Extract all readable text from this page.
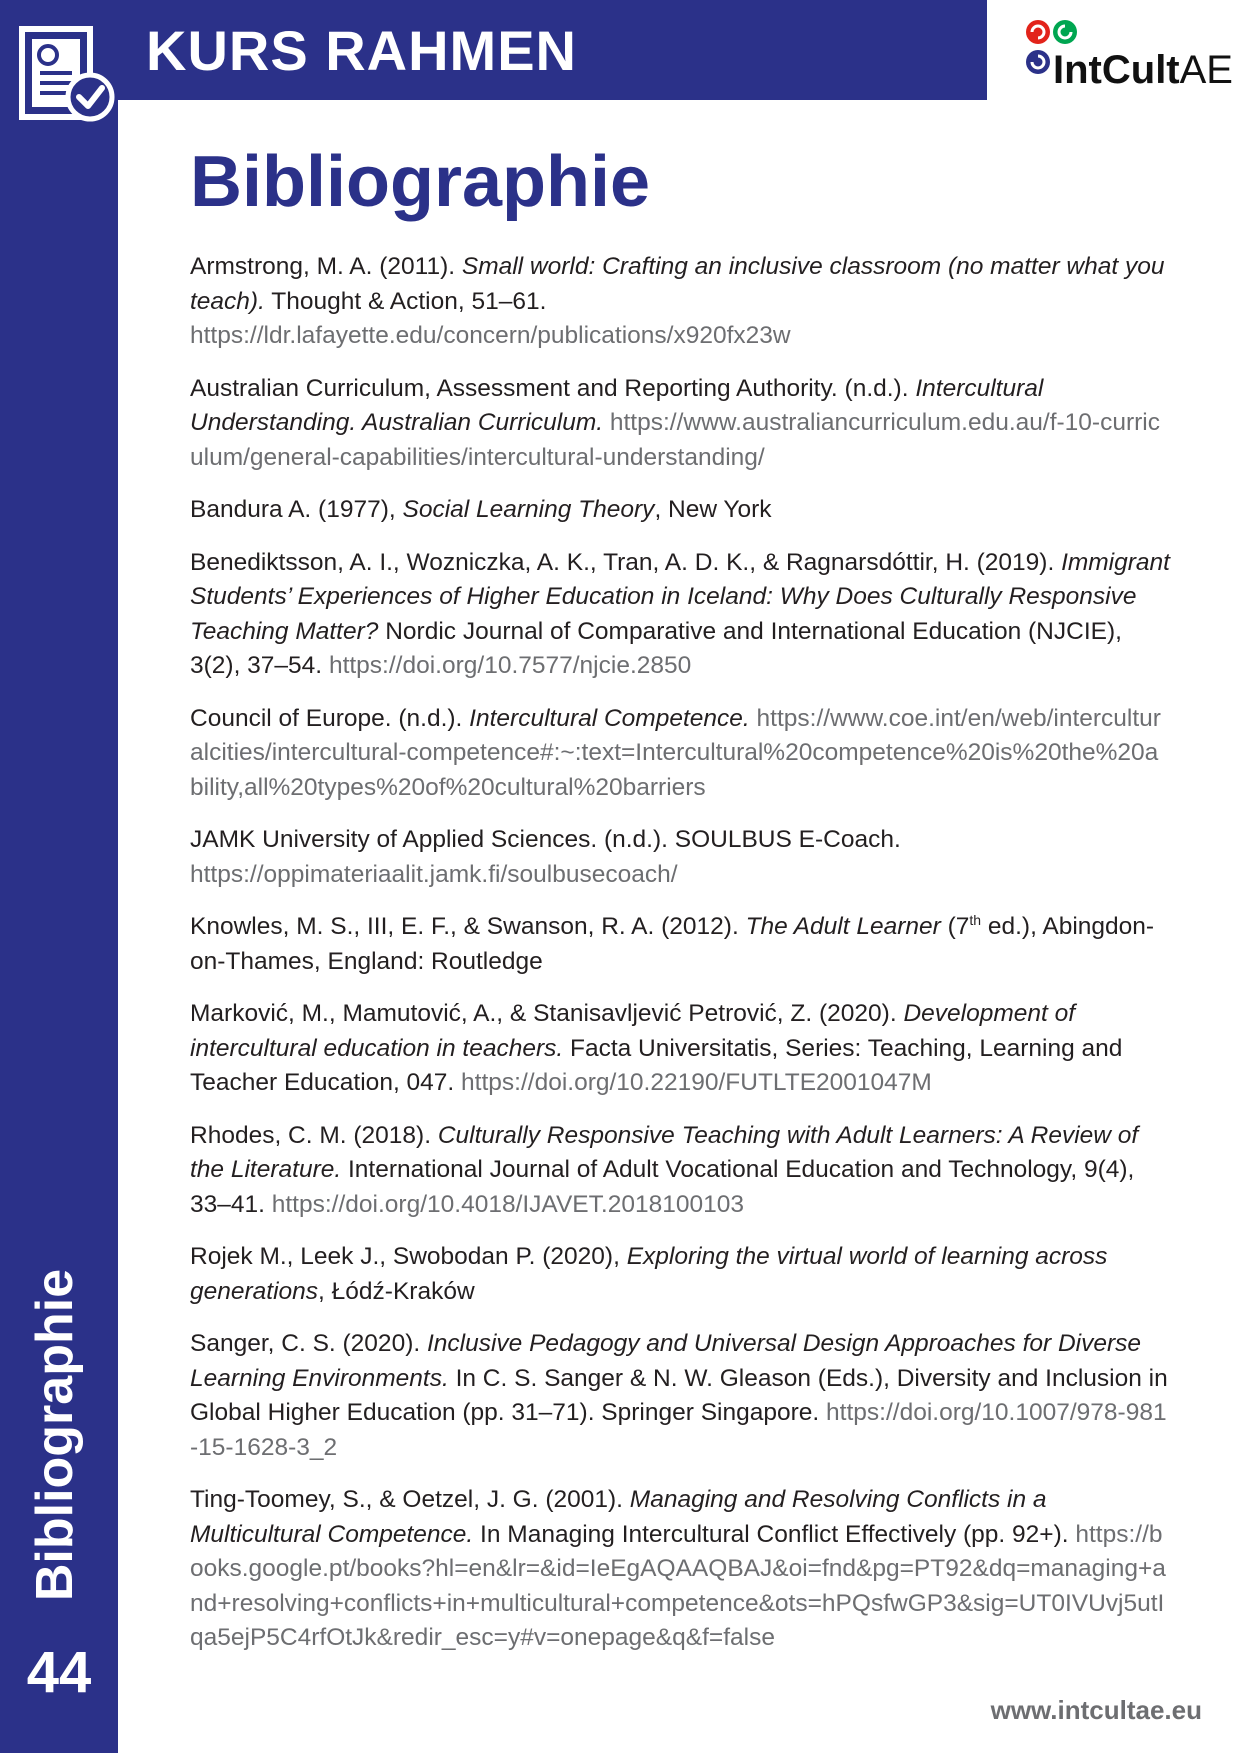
KURS RAHMEN	IntCultAE
Bibliographie
Armstrong, M. A. (2011). Small world: Crafting an inclusive classroom (no matter what you teach). Thought & Action, 51–61.
https://ldr.lafayette.edu/concern/publications/x920fx23w
Australian Curriculum, Assessment and Reporting Authority. (n.d.). Intercultural Understanding. Australian Curriculum. https://www.australiancurriculum.edu.au/f-10-curriculum/general-capabilities/intercultural-understanding/
Bandura A. (1977), Social Learning Theory, New York
Benediktsson, A. I., Wozniczka, A. K., Tran, A. D. K., & Ragnarsdóttir, H. (2019). Immigrant Students’ Experiences of Higher Education in Iceland: Why Does Culturally Responsive Teaching Matter? Nordic Journal of Comparative and International Education (NJCIE), 3(2), 37–54. https://doi.org/10.7577/njcie.2850
Council of Europe. (n.d.). Intercultural Competence. https://www.coe.int/en/web/interculturalcities/intercultural-competence#:~:text=Intercultural%20competence%20is%20the%20ability,all%20types%20of%20cultural%20barriers
JAMK University of Applied Sciences. (n.d.). SOULBUS E-Coach.
https://oppimateriaalit.jamk.fi/soulbusecoach/
Knowles, M. S., III, E. F., & Swanson, R. A. (2012). The Adult Learner (7th ed.), Abingdon-on-Thames, England: Routledge
Marković, M., Mamutović, A., & Stanisavljević Petrović, Z. (2020). Development of intercultural education in teachers. Facta Universitatis, Series: Teaching, Learning and Teacher Education, 047. https://doi.org/10.22190/FUTLTE2001047M
Rhodes, C. M. (2018). Culturally Responsive Teaching with Adult Learners: A Review of the Literature. International Journal of Adult Vocational Education and Technology, 9(4), 33–41. https://doi.org/10.4018/IJAVET.2018100103
Rojek M., Leek J., Swobodan P. (2020), Exploring the virtual world of learning across generations, Łódź-Kraków
Sanger, C. S. (2020). Inclusive Pedagogy and Universal Design Approaches for Diverse Learning Environments. In C. S. Sanger & N. W. Gleason (Eds.), Diversity and Inclusion in Global Higher Education (pp. 31–71). Springer Singapore. https://doi.org/10.1007/978-981-15-1628-3_2
Ting-Toomey, S., & Oetzel, J. G. (2001). Managing and Resolving Conflicts in a Multicultural Competence. In Managing Intercultural Conflict Effectively (pp. 92+). https://books.google.pt/books?hl=en&lr=&id=IeEgAQAAQBAJ&oi=fnd&pg=PT92&dq=managing+and+resolving+conflicts+in+multicultural+competence&ots=hPQsfwGP3&sig=UT0IVUvj5utIqa5ejP5C4rfOtJk&redir_esc=y#v=onepage&q&f=false
Bibliographie
44
www.intcultae.eu
